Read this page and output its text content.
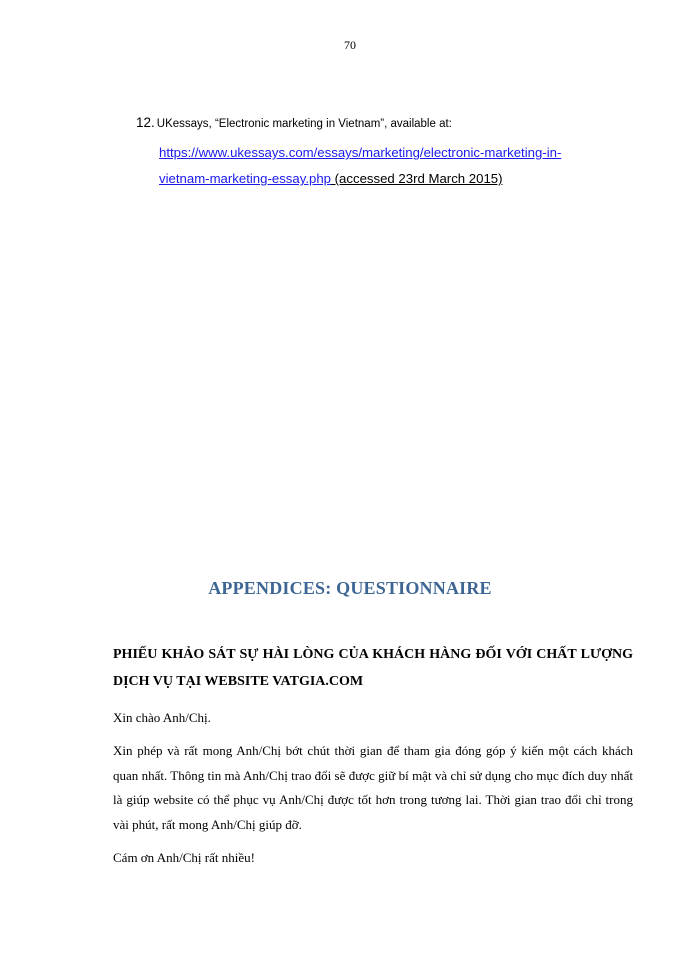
70
12. UKessays, “Electronic marketing in Vietnam”, available at:
https://www.ukessays.com/essays/marketing/electronic-marketing-in-
vietnam-marketing-essay.php (accessed 23rd March 2015)
APPENDICES: QUESTIONNAIRE
PHIẾU KHẢO SÁT SỰ HÀI LÒNG CỦA KHÁCH HÀNG ĐỐI VỚI CHẤT LƯỢNG DỊCH VỤ TẠI WEBSITE VATGIA.COM
Xin chào Anh/Chị.
Xin phép và rất mong Anh/Chị bớt chút thời gian để tham gia đóng góp ý kiến một cách khách quan nhất. Thông tin mà Anh/Chị trao đổi sẽ được giữ bí mật và chỉ sử dụng cho mục đích duy nhất là giúp website có thể phục vụ Anh/Chị được tốt hơn trong tương lai. Thời gian trao đổi chỉ trong vài phút, rất mong Anh/Chị giúp đỡ.
Cám ơn Anh/Chị rất nhiều!
